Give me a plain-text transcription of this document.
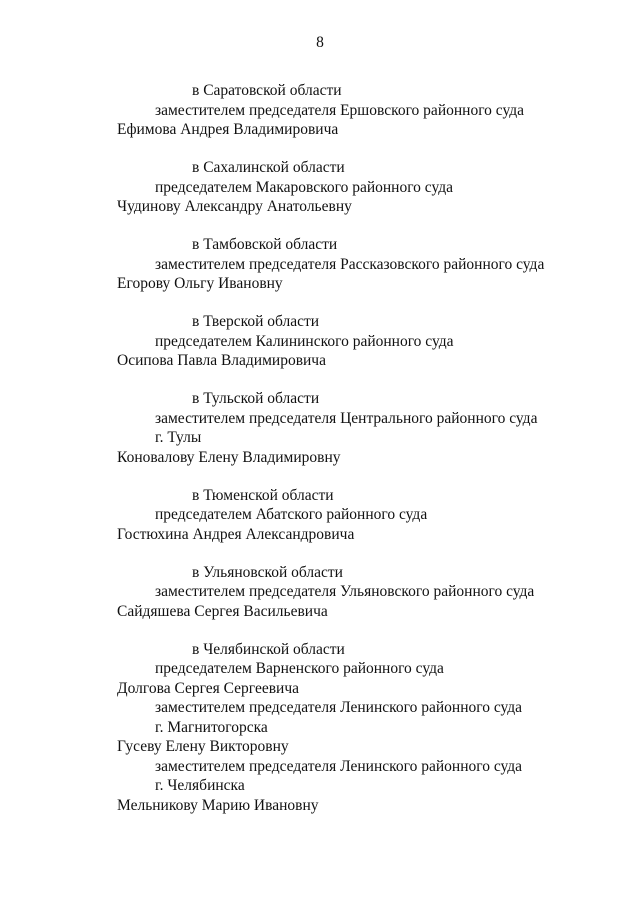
8
в Саратовской области
заместителем председателя Ершовского районного суда
Ефимова Андрея Владимировича
в Сахалинской области
председателем Макаровского районного суда
Чудинову Александру Анатольевну
в Тамбовской области
заместителем председателя Рассказовского районного суда
Егорову Ольгу Ивановну
в Тверской области
председателем Калининского районного суда
Осипова Павла Владимировича
в Тульской области
заместителем председателя Центрального районного суда
г. Тулы
Коновалову Елену Владимировну
в Тюменской области
председателем Абатского районного суда
Гостюхина Андрея Александровича
в Ульяновской области
заместителем председателя Ульяновского районного суда
Сайдяшева Сергея Васильевича
в Челябинской области
председателем Варненского районного суда
Долгова Сергея Сергеевича
заместителем председателя Ленинского районного суда
г. Магнитогорска
Гусеву Елену Викторовну
заместителем председателя Ленинского районного суда
г. Челябинска
Мельникову Марию Ивановну
